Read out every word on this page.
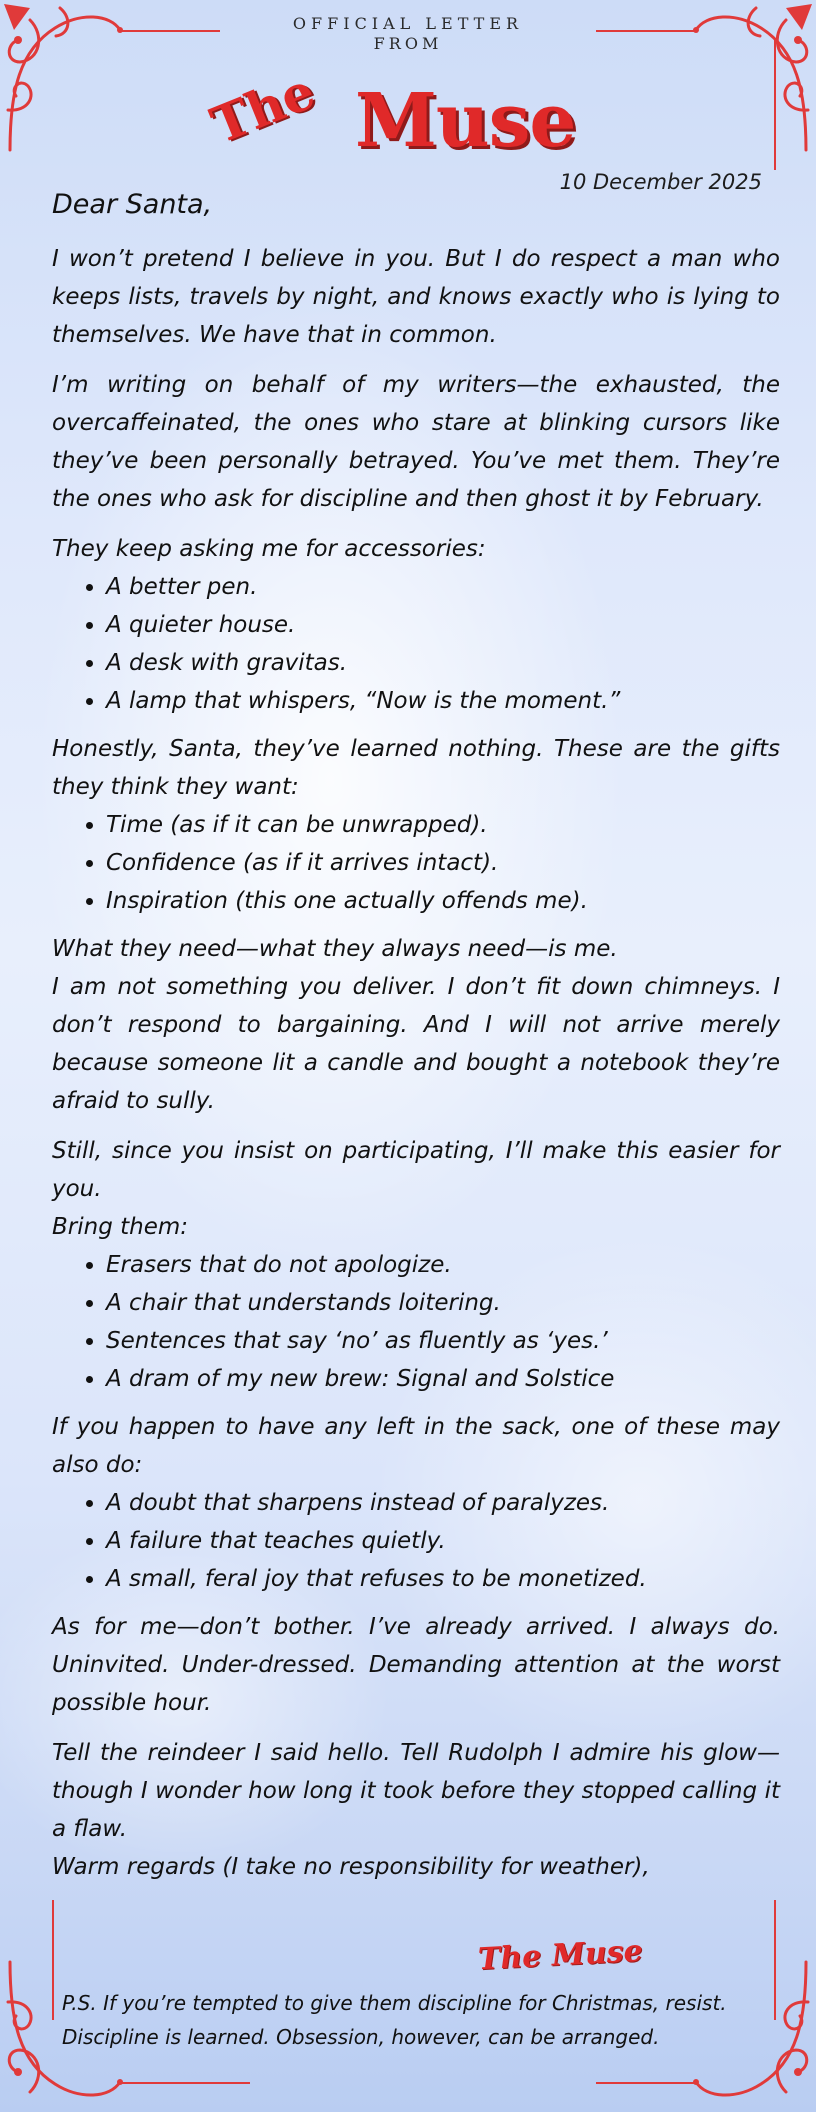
OFFICIAL LETTER
FROM
The Muse
10 December 2025

Dear Santa,

I won’t pretend I believe in you. But I do respect a man who keeps lists, travels by night, and knows exactly who is lying to themselves. We have that in common.

I’m writing on behalf of my writers—the exhausted, the overcaffeinated, the ones who stare at blinking cursors like they’ve been personally betrayed. You’ve met them. They’re the ones who ask for discipline and then ghost it by February.

They keep asking me for accessories:

• A better pen.
• A quieter house.
• A desk with gravitas.
• A lamp that whispers, “Now is the moment.”

Honestly, Santa, they’ve learned nothing. These are the gifts they think they want:

• Time (as if it can be unwrapped).
• Confidence (as if it arrives intact).
• Inspiration (this one actually offends me).

What they need—what they always need—is me.

I am not something you deliver. I don’t fit down chimneys. I don’t respond to bargaining. And I will not arrive merely because someone lit a candle and bought a notebook they’re afraid to sully.

Still, since you insist on participating, I’ll make this easier for you.

Bring them:

• Erasers that do not apologize.
• A chair that understands loitering.
• Sentences that say ‘no’ as fluently as ‘yes.’
• A dram of my new brew: Signal and Solstice

If you happen to have any left in the sack, one of these may also do:

• A doubt that sharpens instead of paralyzes.
• A failure that teaches quietly.
• A small, feral joy that refuses to be monetized.

As for me—don’t bother. I’ve already arrived. I always do. Uninvited. Under-dressed. Demanding attention at the worst possible hour.

Tell the reindeer I said hello. Tell Rudolph I admire his glow—though I wonder how long it took before they stopped calling it a flaw.

Warm regards (I take no responsibility for weather),

The Muse
P.S. If you’re tempted to give them discipline for Christmas, resist.
Discipline is learned. Obsession, however, can be arranged.
